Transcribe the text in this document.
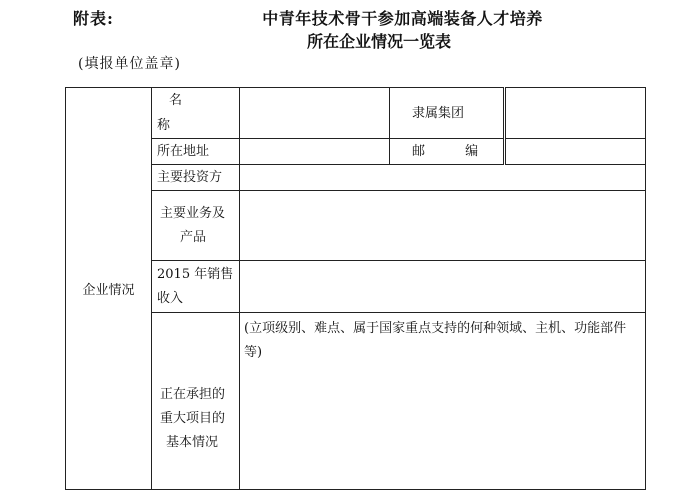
附表:	中青年技术骨干参加高端装备人才培养
所在企业情况一览表
(填报单位盖章)
企业情况	名 称		隶属集团	
	所在地址		邮 编	
	主要投资方			

	主要业务及
产品			

	2015 年销售
收入			

	正在承担的
重大项目的
基本情况	(立项级别、难点、属于国家重点支持的何种领域、主机、功能部件等)		
